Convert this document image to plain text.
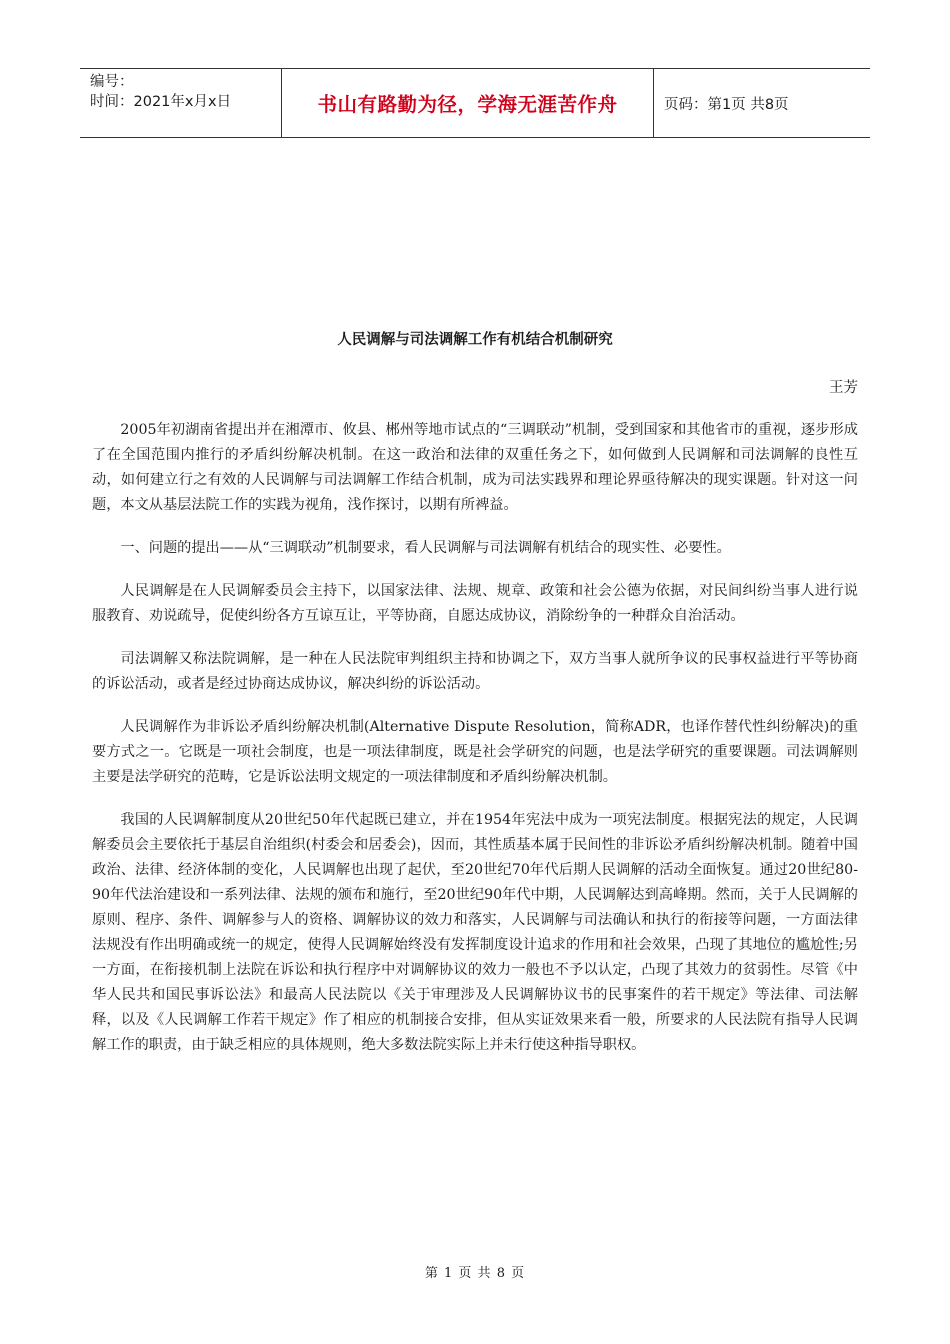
编号：
时间：2021年x月x日	书山有路勤为径，学海无涯苦作舟	页码：第1页 共8页
人民调解与司法调解工作有机结合机制研究
王芳

2005年初湖南省提出并在湘潭市、攸县、郴州等地市试点的“三调联动”机制，受到国家和其他省市的重视，逐步形成了在全国范围内推行的矛盾纠纷解决机制。在这一政治和法律的双重任务之下，如何做到人民调解和司法调解的良性互动，如何建立行之有效的人民调解与司法调解工作结合机制，成为司法实践界和理论界亟待解决的现实课题。针对这一问题，本文从基层法院工作的实践为视角，浅作探讨，以期有所裨益。

一、问题的提出——从“三调联动”机制要求，看人民调解与司法调解有机结合的现实性、必要性。

人民调解是在人民调解委员会主持下，以国家法律、法规、规章、政策和社会公德为依据，对民间纠纷当事人进行说服教育、劝说疏导，促使纠纷各方互谅互让，平等协商，自愿达成协议，消除纷争的一种群众自治活动。

司法调解又称法院调解，是一种在人民法院审判组织主持和协调之下，双方当事人就所争议的民事权益进行平等协商的诉讼活动，或者是经过协商达成协议，解决纠纷的诉讼活动。

人民调解作为非诉讼矛盾纠纷解决机制(Alternative Dispute Resolution，简称ADR，也译作替代性纠纷解决)的重要方式之一。它既是一项社会制度，也是一项法律制度，既是社会学研究的问题，也是法学研究的重要课题。司法调解则主要是法学研究的范畴，它是诉讼法明文规定的一项法律制度和矛盾纠纷解决机制。

我国的人民调解制度从20世纪50年代起既已建立，并在1954年宪法中成为一项宪法制度。根据宪法的规定，人民调解委员会主要依托于基层自治组织(村委会和居委会)，因而，其性质基本属于民间性的非诉讼矛盾纠纷解决机制。随着中国政治、法律、经济体制的变化，人民调解也出现了起伏，至20世纪70年代后期人民调解的活动全面恢复。通过20世纪80-90年代法治建设和一系列法律、法规的颁布和施行，至20世纪90年代中期，人民调解达到高峰期。然而，关于人民调解的原则、程序、条件、调解参与人的资格、调解协议的效力和落实，人民调解与司法确认和执行的衔接等问题，一方面法律法规没有作出明确或统一的规定，使得人民调解始终没有发挥制度设计追求的作用和社会效果，凸现了其地位的尴尬性;另一方面，在衔接机制上法院在诉讼和执行程序中对调解协议的效力一般也不予以认定，凸现了其效力的贫弱性。尽管《中华人民共和国民事诉讼法》和最高人民法院以《关于审理涉及人民调解协议书的民事案件的若干规定》等法律、司法解释，以及《人民调解工作若干规定》作了相应的机制接合安排，但从实证效果来看一般，所要求的人民法院有指导人民调解工作的职责，由于缺乏相应的具体规则，绝大多数法院实际上并未行使这种指导职权。

第 1 页 共 8 页
